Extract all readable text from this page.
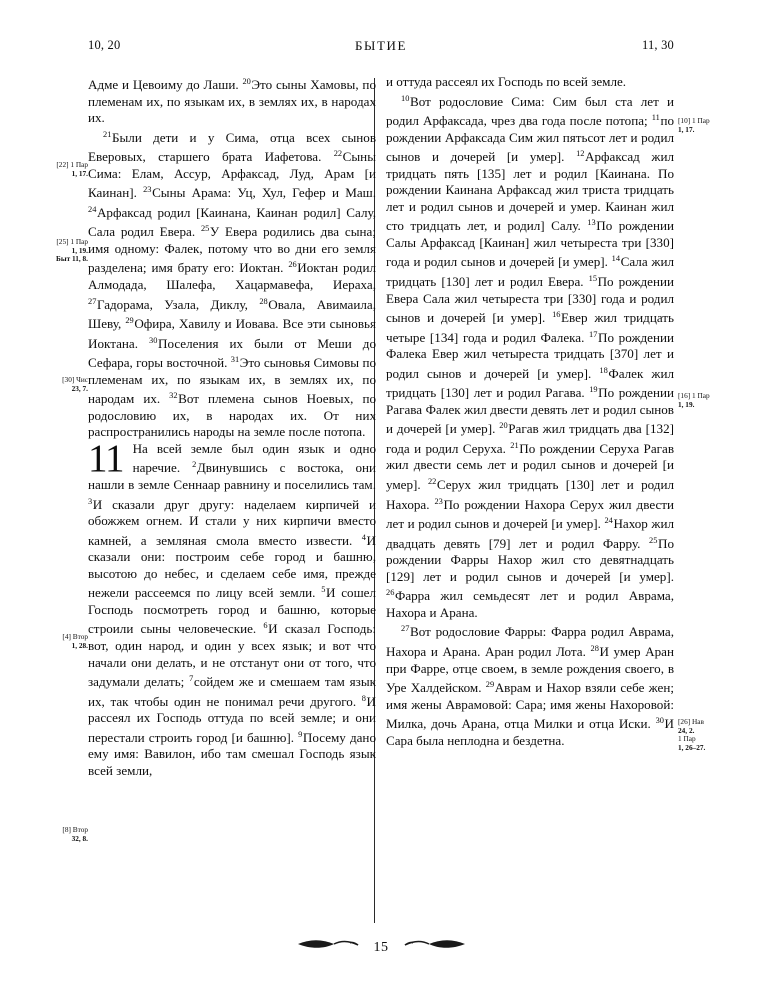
10, 20	БЫТИЕ	11, 30

Адме и Цевоиму до Лаши. $^{20}$Это сыны Хамовы, по племенам их, по языкам их, в землях их, в народах их.

$^{21}$Были дети и у Сима, отца всех сынов Еверовых, старшего брата Иафетова. $^{22}$Сыны Сима: Елам, Ассур, Арфаксад, Луд, Арам [и Каинан]. $^{23}$Сыны Арама: Уц, Хул, Гефер и Маш. $^{24}$Арфаксад родил [Каинана, Каинан родил] Салу, Сала родил Евера. $^{25}$У Евера родились два сына; имя одному: Фалек, потому что во дни его земля разделена; имя брату его: Иоктан. $^{26}$Иоктан родил Алмодада, Шалефа, Хацармавефа, Иераха, $^{27}$Гадорама, Узала, Диклу, $^{28}$Овала, Авимаила, Шеву, $^{29}$Офира, Хавилу и Иовава. Все эти сыновья Иоктана. $^{30}$Поселения их были от Меши до Сефара, горы восточной. $^{31}$Это сыновья Симовы по племенам их, по языкам их, в землях их, по народам их. $^{32}$Вот племена сынов Ноевых, по родословию их, в народах их. От них распространились народы на земле после потопа.

11 На всей земле был один язык и одно наречие. $^2$Двинувшись с востока, они нашли в земле Сеннаар равнину и поселились там. $^3$И сказали друг другу: наделаем кирпичей и обожжем огнем. И стали у них кирпичи вместо камней, а земляная смола вместо извести. $^4$И сказали они: построим себе город и башню, высотою до небес, и сделаем себе имя, прежде нежели рассеемся по лицу всей земли. $^5$И сошел Господь посмотреть город и башню, которые строили сыны человеческие. $^6$И сказал Господь: вот, один народ, и один у всех язык; и вот что начали они делать, и не отстанут они от того, что задумали делать; $^7$сойдем же и смешаем там язык их, так чтобы один не понимал речи другого. $^8$И рассеял их Господь оттуда по всей земле; и они перестали строить город [и башню]. $^9$Посему дано ему имя: Вавилон, ибо там смешал Господь язык всей земли,

и оттуда рассеял их Господь по всей земле.

$^{10}$Вот родословие Сима: Сим был ста лет и родил Арфаксада, чрез два года после потопа; $^{11}$по рождении Арфаксада Сим жил пятьсот лет и родил сынов и дочерей [и умер]. $^{12}$Арфаксад жил тридцать пять [135] лет и родил [Каинана. По рождении Каинана Арфаксад жил триста тридцать лет и родил сынов и дочерей и умер. Каинан жил сто тридцать лет, и родил] Салу. $^{13}$По рождении Салы Арфаксад [Каинан] жил четыреста три [330] года и родил сынов и дочерей [и умер]. $^{14}$Сала жил тридцать [130] лет и родил Евера. $^{15}$По рождении Евера Сала жил четыреста три [330] года и родил сынов и дочерей [и умер]. $^{16}$Евер жил тридцать четыре [134] года и родил Фалека. $^{17}$По рождении Фалека Евер жил четыреста тридцать [370] лет и родил сынов и дочерей [и умер]. $^{18}$Фалек жил тридцать [130] лет и родил Рагава. $^{19}$По рождении Рагава Фалек жил двести девять лет и родил сынов и дочерей [и умер]. $^{20}$Рагав жил тридцать два [132] года и родил Серуха. $^{21}$По рождении Серуха Рагав жил двести семь лет и родил сынов и дочерей [и умер]. $^{22}$Серух жил тридцать [130] лет и родил Нахора. $^{23}$По рождении Нахора Серух жил двести лет и родил сынов и дочерей [и умер]. $^{24}$Нахор жил двадцать девять [79] лет и родил Фарру. $^{25}$По рождении Фарры Нахор жил сто девятнадцать [129] лет и родил сынов и дочерей [и умер]. $^{26}$Фарра жил семьдесят лет и родил Аврама, Нахора и Арана.

$^{27}$Вот родословие Фарры: Фарра родил Аврама, Нахора и Арана. Аран родил Лота. $^{28}$И умер Аран при Фарре, отце своем, в земле рождения своего, в Уре Халдейском. $^{29}$Аврам и Нахор взяли себе жен; имя жены Аврамовой: Сара; имя жены Нахоровой: Милка, дочь Арана, отца Милки и отца Иски. $^{30}$И Сара была неплодна и бездетна.

[22] 1 Пар
1, 17.
[25] 1 Пар
1, 19.
Быт 11, 8.
[30] Чис
23, 7.
[4] Втор
1, 28.
[8] Втор
32, 8.
[10] 1 Пар
1, 17.
[16] 1 Пар
1, 19.
[26] Нав
24, 2.
1 Пар
1, 26–27.
15
